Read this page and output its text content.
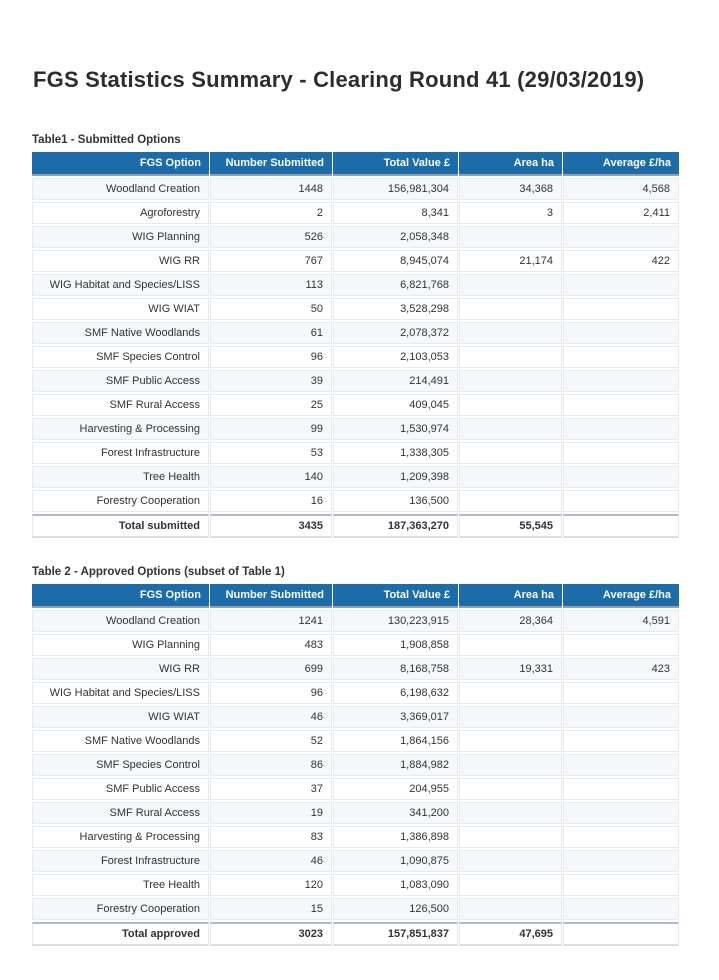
FGS Statistics Summary - Clearing Round 41 (29/03/2019)
Table1 - Submitted Options
FGS Option	Number Submitted	Total Value £	Area ha	Average £/ha
Woodland Creation	1448	156,981,304	34,368	4,568
Agroforestry	2	8,341	3	2,411
WIG Planning	526	2,058,348		
WIG RR	767	8,945,074	21,174	422
WIG Habitat and Species/LISS	113	6,821,768		
WIG WIAT	50	3,528,298		
SMF Native Woodlands	61	2,078,372		
SMF Species Control	96	2,103,053		
SMF Public Access	39	214,491		
SMF Rural Access	25	409,045		
Harvesting & Processing	99	1,530,974		
Forest Infrastructure	53	1,338,305		
Tree Health	140	1,209,398		
Forestry Cooperation	16	136,500		
Total submitted	3435	187,363,270	55,545	
Table 2 - Approved Options (subset of Table 1)
FGS Option	Number Submitted	Total Value £	Area ha	Average £/ha
Woodland Creation	1241	130,223,915	28,364	4,591
WIG Planning	483	1,908,858		
WIG RR	699	8,168,758	19,331	423
WIG Habitat and Species/LISS	96	6,198,632		
WIG WIAT	46	3,369,017		
SMF Native Woodlands	52	1,864,156		
SMF Species Control	86	1,884,982		
SMF Public Access	37	204,955		
SMF Rural Access	19	341,200		
Harvesting & Processing	83	1,386,898		
Forest Infrastructure	46	1,090,875		
Tree Health	120	1,083,090		
Forestry Cooperation	15	126,500		
Total approved	3023	157,851,837	47,695	
